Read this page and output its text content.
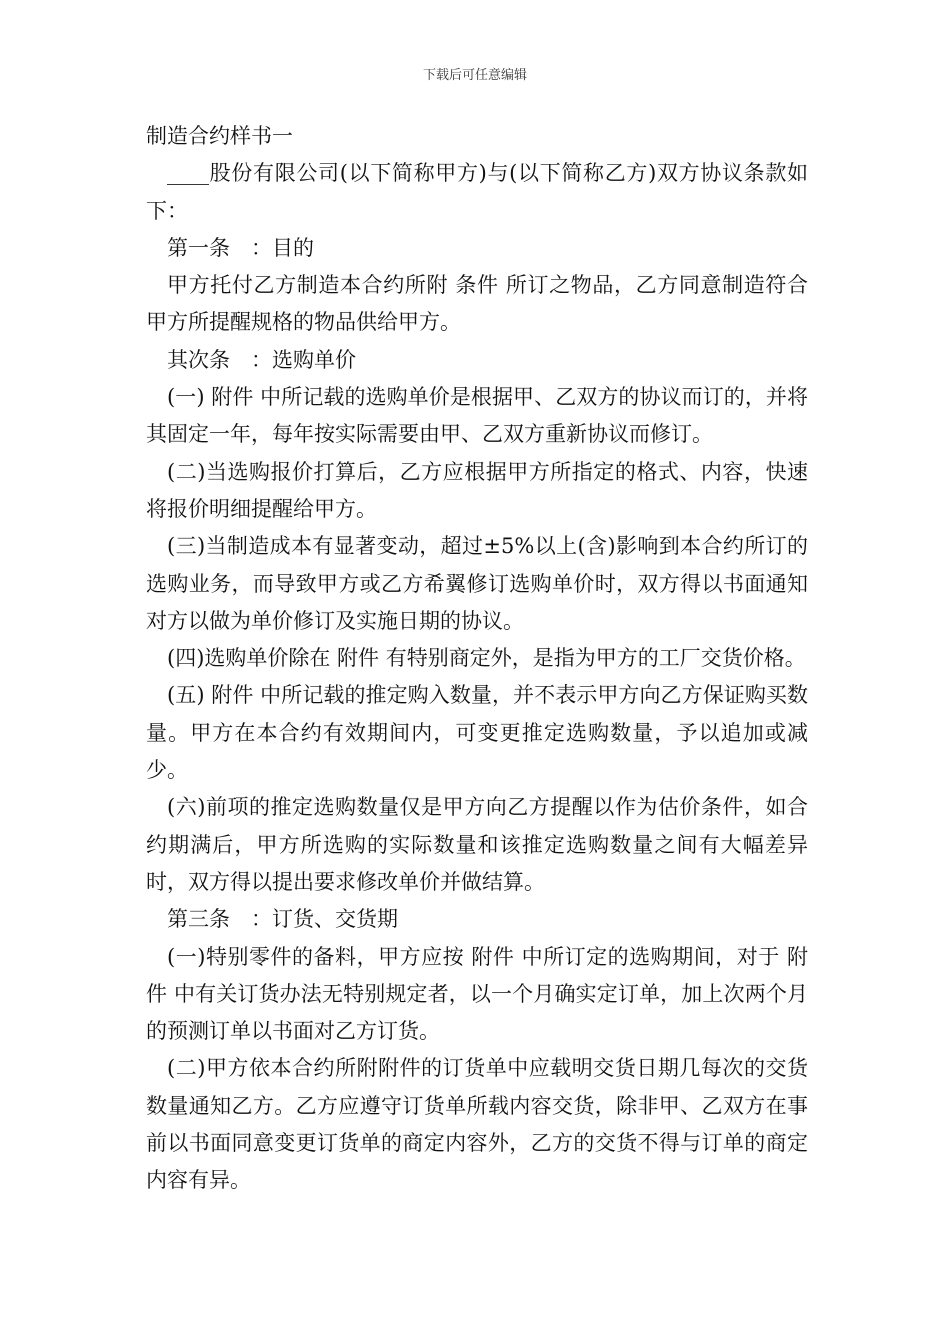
下载后可任意编辑

制造合约样书一

____股份有限公司(以下简称甲方)与(以下简称乙方)双方协议条款如下：

第一条　：目的

甲方托付乙方制造本合约所附 条件 所订之物品，乙方同意制造符合甲方所提醒规格的物品供给甲方。

其次条　：选购单价

(一) 附件 中所记载的选购单价是根据甲、乙双方的协议而订的，并将其固定一年，每年按实际需要由甲、乙双方重新协议而修订。

(二)当选购报价打算后，乙方应根据甲方所指定的格式、内容，快速将报价明细提醒给甲方。

(三)当制造成本有显著变动，超过±5%以上(含)影响到本合约所订的选购业务，而导致甲方或乙方希翼修订选购单价时，双方得以书面通知对方以做为单价修订及实施日期的协议。

(四)选购单价除在 附件 有特别商定外，是指为甲方的工厂交货价格。

(五) 附件 中所记载的推定购入数量，并不表示甲方向乙方保证购买数量。甲方在本合约有效期间内，可变更推定选购数量，予以追加或减少。

(六)前项的推定选购数量仅是甲方向乙方提醒以作为估价条件，如合约期满后，甲方所选购的实际数量和该推定选购数量之间有大幅差异时，双方得以提出要求修改单价并做结算。

第三条　：订货、交货期

(一)特别零件的备料，甲方应按 附件 中所订定的选购期间，对于 附件 中有关订货办法无特别规定者，以一个月确实定订单，加上次两个月的预测订单以书面对乙方订货。

(二)甲方依本合约所附附件的订货单中应载明交货日期几每次的交货数量通知乙方。乙方应遵守订货单所载内容交货，除非甲、乙双方在事前以书面同意变更订货单的商定内容外，乙方的交货不得与订单的商定内容有异。
